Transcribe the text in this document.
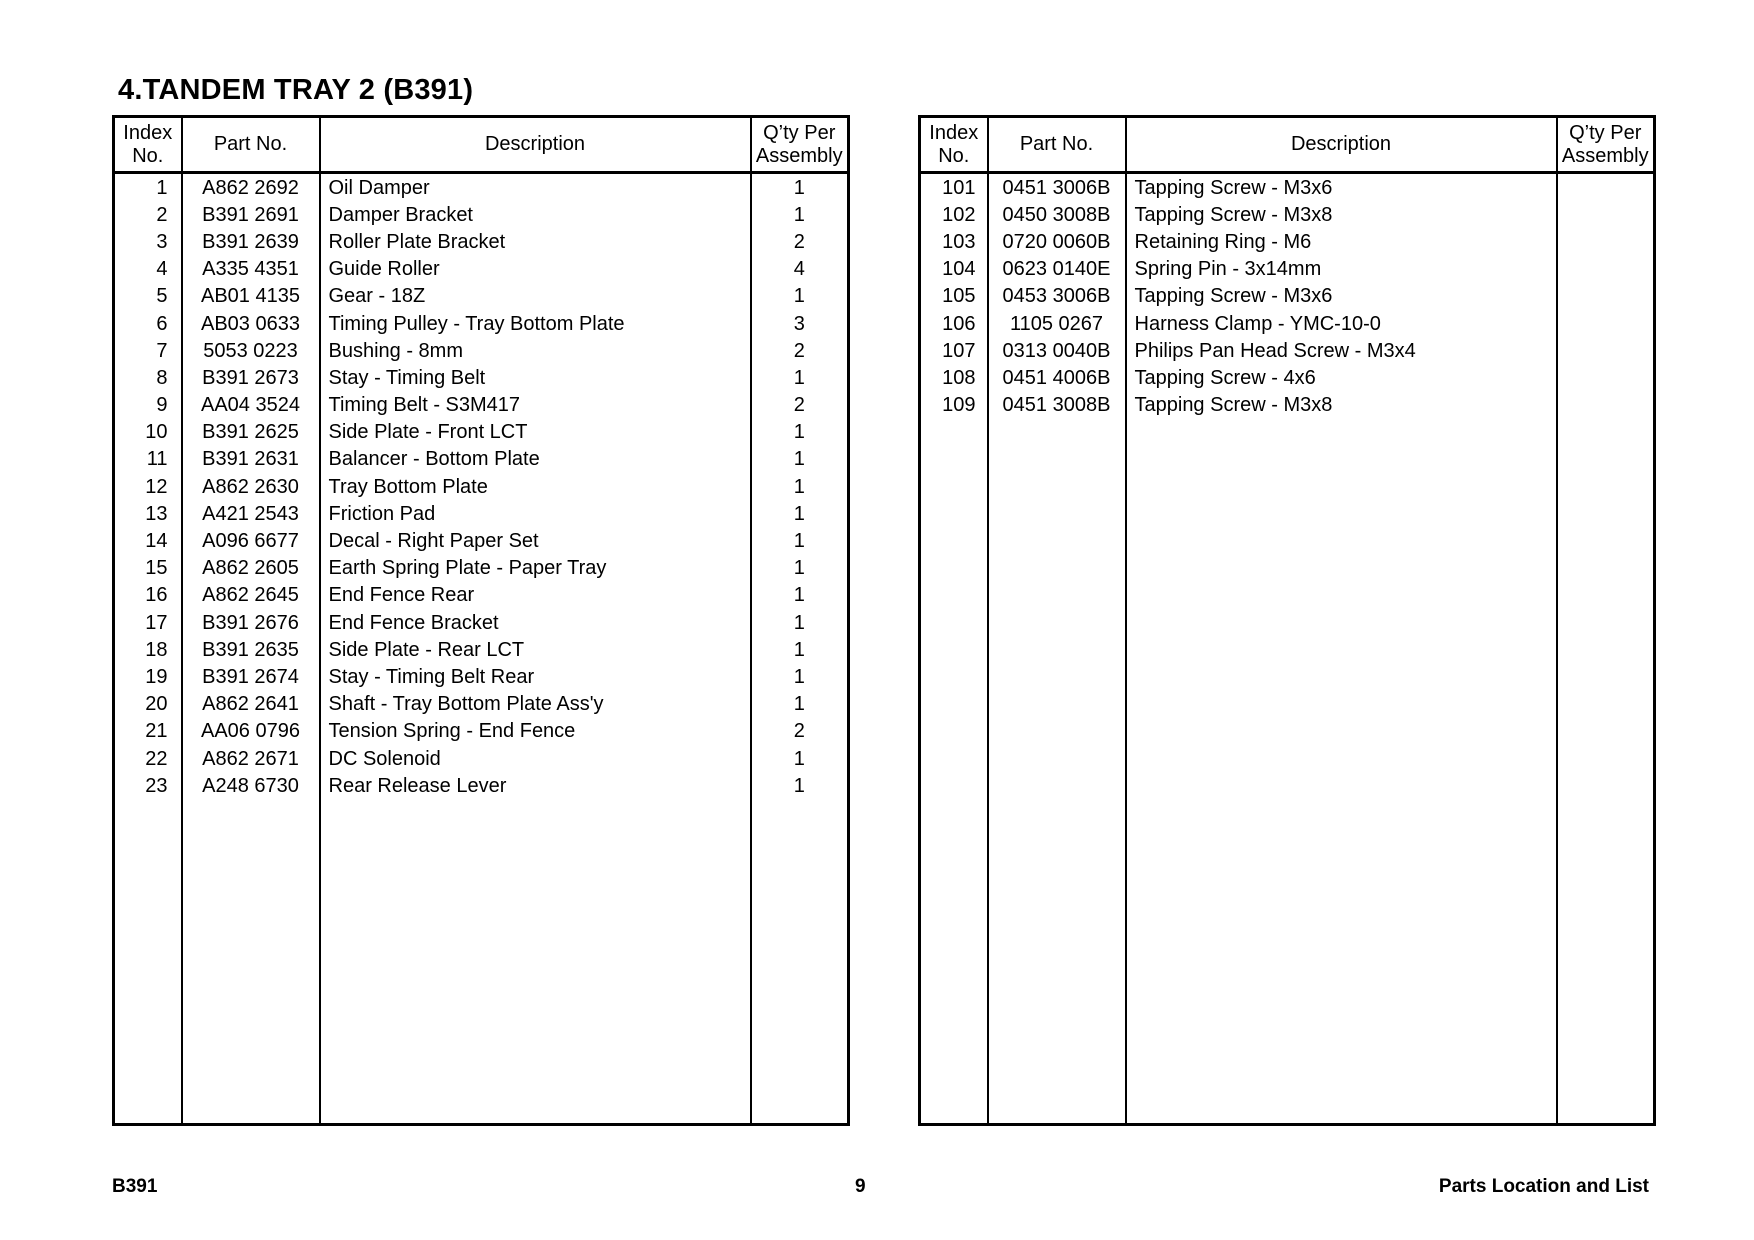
4.TANDEM TRAY 2 (B391)
Index
No.	Part No.	Description	Q’ty Per
Assembly

1	A862 2692	Oil Damper	1
2	B391 2691	Damper Bracket	1
3	B391 2639	Roller Plate Bracket	2
4	A335 4351	Guide Roller	4
5	AB01 4135	Gear - 18Z	1
6	AB03 0633	Timing Pulley - Tray Bottom Plate	3
7	5053 0223	Bushing - 8mm	2
8	B391 2673	Stay - Timing Belt	1
9	AA04 3524	Timing Belt - S3M417	2
10	B391 2625	Side Plate - Front LCT	1
11	B391 2631	Balancer - Bottom Plate	1
12	A862 2630	Tray Bottom Plate	1
13	A421 2543	Friction Pad	1
14	A096 6677	Decal - Right Paper Set	1
15	A862 2605	Earth Spring Plate - Paper Tray	1
16	A862 2645	End Fence Rear	1
17	B391 2676	End Fence Bracket	1
18	B391 2635	Side Plate - Rear LCT	1
19	B391 2674	Stay - Timing Belt Rear	1
20	A862 2641	Shaft - Tray Bottom Plate Ass'y	1
21	AA06 0796	Tension Spring - End Fence	2
22	A862 2671	DC Solenoid	1
23	A248 6730	Rear Release Lever	1

Index
No.	Part No.	Description	Q’ty Per
Assembly

101	0451 3006B	Tapping Screw - M3x6	
102	0450 3008B	Tapping Screw - M3x8	
103	0720 0060B	Retaining Ring - M6	
104	0623 0140E	Spring Pin - 3x14mm	
105	0453 3006B	Tapping Screw - M3x6	
106	1105 0267	Harness Clamp - YMC-10-0	
107	0313 0040B	Philips Pan Head Screw - M3x4	
108	0451 4006B	Tapping Screw - 4x6	
109	0451 3008B	Tapping Screw - M3x8	

B391	9	Parts Location and List
